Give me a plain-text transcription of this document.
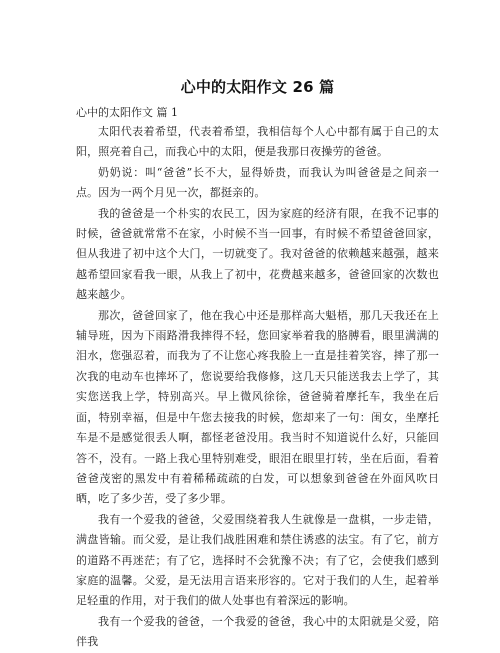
心中的太阳作文 26 篇
心中的太阳作文 篇 1

太阳代表着希望，代表着希望，我相信每个人心中都有属于自己的太阳，照亮着自己，而我心中的太阳，便是我那日夜操劳的爸爸。

奶奶说：叫“爸爸”长不大，显得娇贵，而我认为叫爸爸是之间亲一点。因为一两个月见一次，都挺亲的。

我的爸爸是一个朴实的农民工，因为家庭的经济有限，在我不记事的时候，爸爸就常常不在家，小时候不当一回事，有时候不希望爸爸回家，但从我进了初中这个大门，一切就变了。我对爸爸的依赖越来越强，越来越希望回家看我一眼，从我上了初中，花费越来越多，爸爸回家的次数也越来越少。

那次，爸爸回家了，他在我心中还是那样高大魁梧，那几天我还在上辅导班，因为下雨路滑我摔得不轻，您回家举着我的胳膊看，眼里满满的泪水，您强忍着，而我为了不让您心疼我脸上一直是挂着笑容，摔了那一次我的电动车也摔坏了，您说要给我修修，这几天只能送我去上学了，其实您送我上学，特别高兴。早上微风徐徐，爸爸骑着摩托车，我坐在后面，特别幸福，但是中午您去接我的时候，您却来了一句：闺女，坐摩托车是不是感觉很丢人啊，都怪老爸没用。我当时不知道说什么好，只能回答不，没有。一路上我心里特别难受，眼泪在眼里打转，坐在后面，看着爸爸茂密的黑发中有着稀稀疏疏的白发，可以想象到爸爸在外面风吹日晒，吃了多少苦，受了多少罪。

我有一个爱我的爸爸，父爱围绕着我人生就像是一盘棋，一步走错，满盘皆输。而父爱，是让我们战胜困难和禁住诱惑的法宝。有了它，前方的道路不再迷茫；有了它，选择时不会犹豫不决；有了它，会使我们感到家庭的温馨。父爱，是无法用言语来形容的。它对于我们的人生，起着举足轻重的作用，对于我们的做人处事也有着深远的影响。

我有一个爱我的爸爸，一个我爱的爸爸，我心中的太阳就是父爱，陪伴我
